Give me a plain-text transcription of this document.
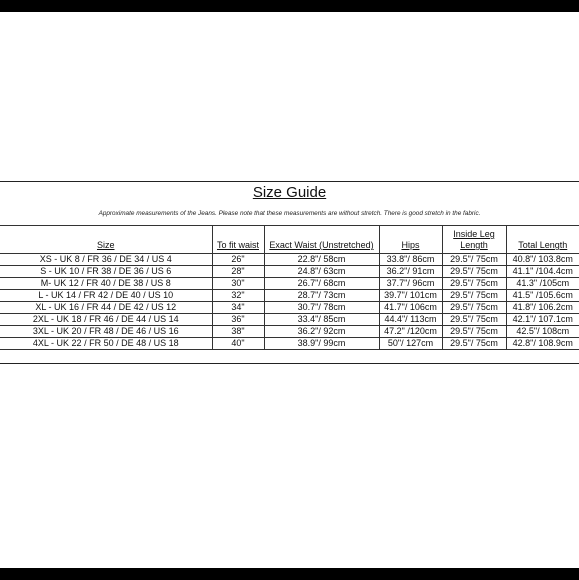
Size Guide
Approximate measurements of the Jeans. Please note that these measurements are without stretch. There is good stretch in the fabric.
Size	To fit waist	Exact Waist (Unstretched)	Hips	Inside Leg Length	Total Length
XS - UK 8 / FR 36 / DE 34 / US 4	26"	22.8"/ 58cm	33.8"/ 86cm	29.5"/ 75cm	40.8"/ 103.8cm
S - UK 10 / FR 38 / DE 36 / US 6	28"	24.8"/ 63cm	36.2"/ 91cm	29.5"/ 75cm	41.1" /104.4cm
M- UK 12 / FR 40 / DE 38 / US 8	30"	26.7"/ 68cm	37.7"/ 96cm	29.5"/ 75cm	41.3" /105cm
L - UK 14 / FR 42 / DE 40 / US 10	32"	28.7"/ 73cm	39.7"/ 101cm	29.5"/ 75cm	41.5" /105.6cm
XL - UK 16 / FR 44 / DE 42 / US 12	34"	30.7"/ 78cm	41.7"/ 106cm	29.5"/ 75cm	41.8"/ 106.2cm
2XL - UK 18 / FR 46 / DE 44 / US 14	36"	33.4"/ 85cm	44.4"/ 113cm	29.5"/ 75cm	42.1"/ 107.1cm
3XL - UK 20 / FR 48 / DE 46 / US 16	38"	36.2"/ 92cm	47.2" /120cm	29.5"/ 75cm	42.5"/ 108cm
4XL - UK 22 / FR 50 / DE 48 / US 18	40"	38.9"/ 99cm	50"/ 127cm	29.5"/ 75cm	42.8"/ 108.9cm
